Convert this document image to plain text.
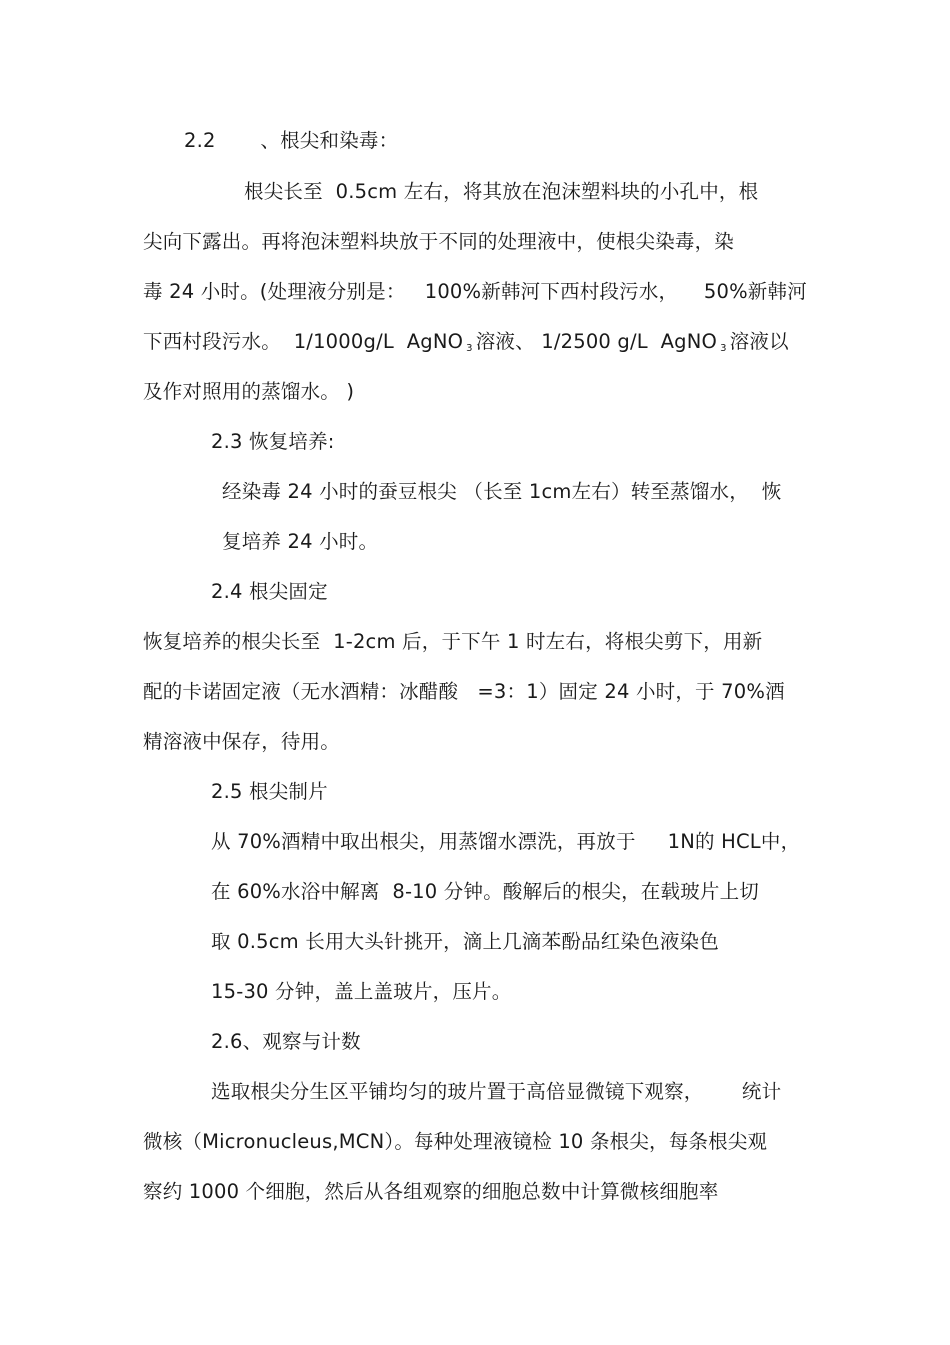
2.2       、根尖和染毒：
根尖长至  0.5cm 左右，将其放在泡沫塑料块的小孔中，根
尖向下露出。再将泡沫塑料块放于不同的处理液中，使根尖染毒，染
毒 24 小时。(处理液分别是：   100%新韩河下西村段污水，    50%新韩河
下西村段污水。  1/1000g/L  AgNO $_3$ 溶液、 1/2500 g/L  AgNO $_3$ 溶液以
及作对照用的蒸馏水。 )
2.3 恢复培养:
经染毒 24 小时的蚕豆根尖 （长至 1cm左右）转至蒸馏水，  恢
复培养 24 小时。
2.4 根尖固定
恢复培养的根尖长至  1-2cm 后，于下午 1 时左右，将根尖剪下，用新
配的卡诺固定液（无水酒精：冰醋酸   =3：1）固定 24 小时，于 70%酒
精溶液中保存，待用。
2.5 根尖制片
从 70%酒精中取出根尖，用蒸馏水漂洗，再放于     1N的 HCL中，
在 60%水浴中解离  8-10 分钟。酸解后的根尖，在载玻片上切
取 0.5cm 长用大头针挑开，滴上几滴苯酚品红染色液染色
15-30 分钟，盖上盖玻片，压片。
2.6、观察与计数
选取根尖分生区平铺均匀的玻片置于高倍显微镜下观察，      统计
微核（Micronucleus,MCN）。每种处理液镜检 10 条根尖，每条根尖观
察约 1000 个细胞，然后从各组观察的细胞总数中计算微核细胞率
